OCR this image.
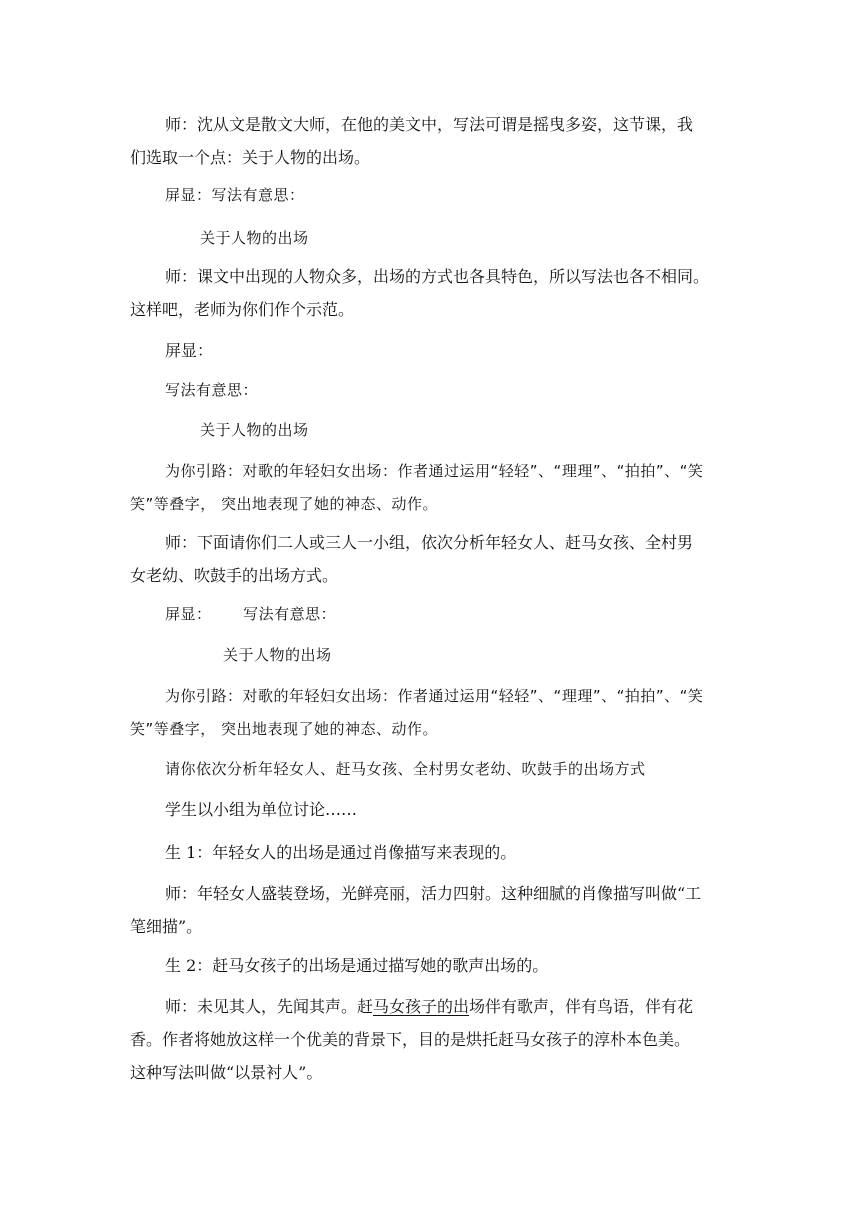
师：沈从文是散文大师，在他的美文中，写法可谓是摇曳多姿，这节课，我
们选取一个点：关于人物的出场。

屏显：写法有意思：

关于人物的出场

师：课文中出现的人物众多，出场的方式也各具特色，所以写法也各不相同。
这样吧，老师为你们作个示范。

屏显：

写法有意思：

关于人物的出场

为你引路：对歌的年轻妇女出场：作者通过运用“轻轻”、“理理”、“拍拍”、“笑
笑”等叠字， 突出地表现了她的神态、动作。

师：下面请你们二人或三人一小组，依次分析年轻女人、赶马女孩、全村男
女老幼、吹鼓手的出场方式。

屏显：      写法有意思：

关于人物的出场

为你引路：对歌的年轻妇女出场：作者通过运用“轻轻”、“理理”、“拍拍”、“笑
笑”等叠字， 突出地表现了她的神态、动作。

请你依次分析年轻女人、赶马女孩、全村男女老幼、吹鼓手的出场方式

学生以小组为单位讨论……

生 1：年轻女人的出场是通过肖像描写来表现的。

师：年轻女人盛装登场，光鲜亮丽，活力四射。这种细腻的肖像描写叫做“工
笔细描”。

生 2：赶马女孩子的出场是通过描写她的歌声出场的。

师：未见其人，先闻其声。赶马女孩子的出场伴有歌声，伴有鸟语，伴有花
香。作者将她放这样一个优美的背景下，目的是烘托赶马女孩子的淳朴本色美。
这种写法叫做“以景衬人”。
